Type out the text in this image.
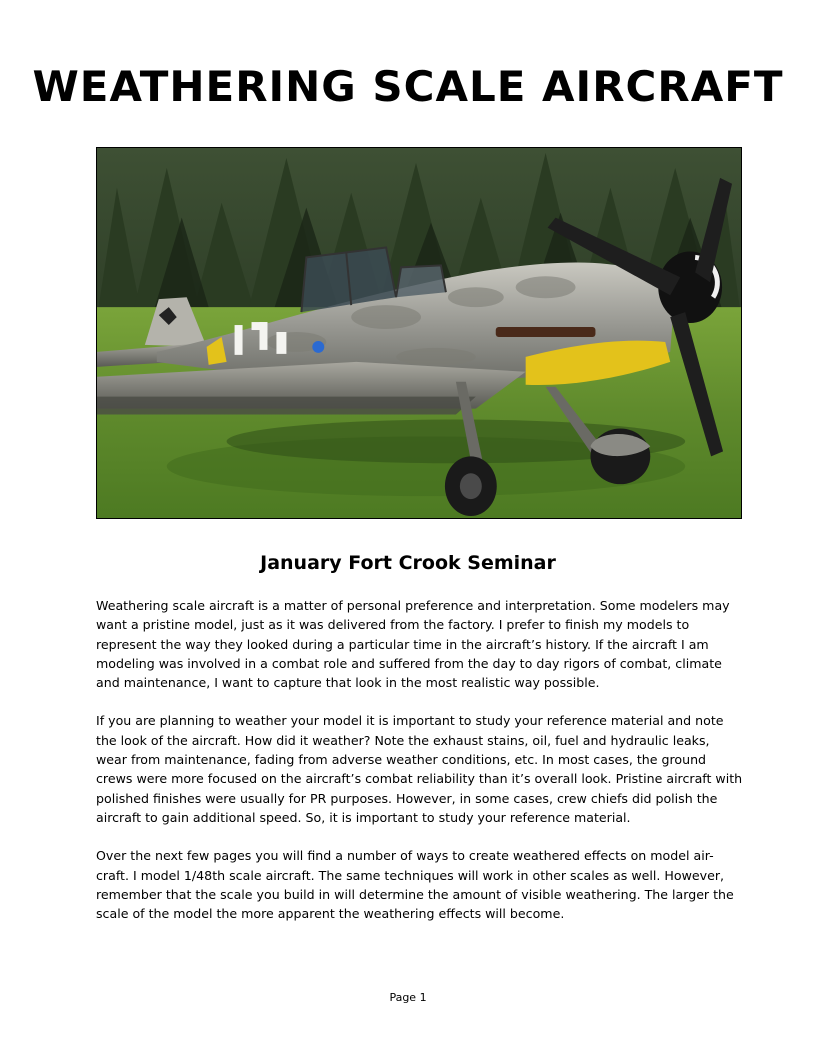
WEATHERING SCALE AIRCRAFT
January Fort Crook Seminar

Weathering scale aircraft is a matter of personal preference and interpretation. Some modelers may want a pristine model, just as it was delivered from the factory. I prefer to finish my models to represent the way they looked during a particular time in the aircraft’s history. If the aircraft I am modeling was involved in a combat role and suffered from the day to day rigors of combat, climate and maintenance, I want to capture that look in the most realistic way possible.

If you are planning to weather your model it is important to study your reference material and note the look of the aircraft. How did it weather? Note the exhaust stains, oil, fuel and hydraulic leaks, wear from maintenance, fading from adverse weather conditions, etc. In most cases, the ground crews were more focused on the aircraft’s combat reliability than it’s overall look. Pristine aircraft with polished finishes were usually for PR purposes. However, in some cases, crew chiefs did polish the aircraft to gain additional speed. So, it is important to study your reference material.

Over the next few pages you will find a number of ways to create weathered effects on model air-craft. I model 1/48th scale aircraft. The same techniques will work in other scales as well. However, remember that the scale you build in will determine the amount of visible weathering. The larger the scale of the model the more apparent the weathering effects will become.

Page 1
